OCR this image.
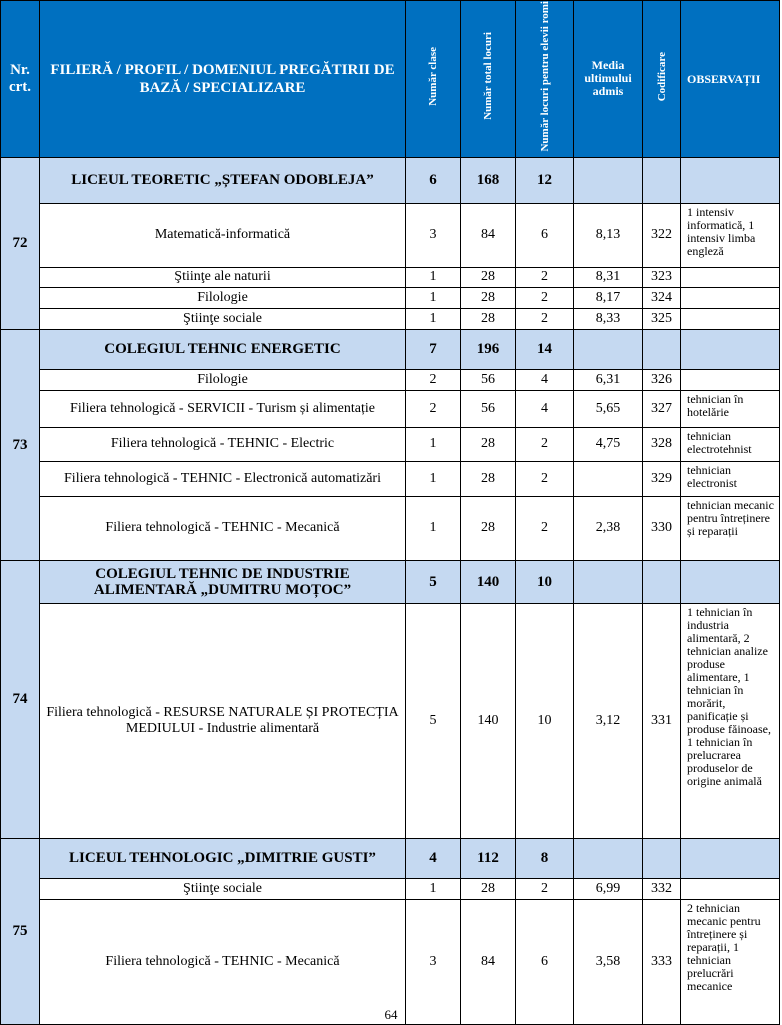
Nr. crt.	FILIERĂ / PROFIL / DOMENIUL PREGĂTIRII DE BAZĂ / SPECIALIZARE	Număr clase	Număr total locuri	Număr locuri pentru elevii romi	Media ultimului admis	Codificare	OBSERVAȚII
72	LICEUL TEORETIC „ȘTEFAN ODOBLEJA”	6	168	12			
	Matematică-informatică	3	84	6	8,13	322	1 intensiv informatică, 1 intensiv limba engleză
	Ştiinţe ale naturii	1	28	2	8,31	323	
	Filologie	1	28	2	8,17	324	
	Ştiinţe sociale	1	28	2	8,33	325	
73	COLEGIUL TEHNIC ENERGETIC	7	196	14			
	Filologie	2	56	4	6,31	326	
	Filiera tehnologică - SERVICII - Turism și alimentație	2	56	4	5,65	327	tehnician în hotelărie
	Filiera tehnologică - TEHNIC - Electric	1	28	2	4,75	328	tehnician electrotehnist
	Filiera tehnologică - TEHNIC - Electronică automatizări	1	28	2		329	tehnician electronist
	Filiera tehnologică - TEHNIC - Mecanică	1	28	2	2,38	330	tehnician mecanic pentru întreținere și reparații
74	COLEGIUL TEHNIC DE INDUSTRIE ALIMENTARĂ „DUMITRU MOȚOC”	5	140	10			
	Filiera tehnologică - RESURSE NATURALE ȘI PROTECȚIA MEDIULUI - Industrie alimentară	5	140	10	3,12	331	1 tehnician în industria alimentară, 2 tehnician analize produse alimentare, 1 tehnician în morărit, panificație și produse făinoase, 1 tehnician în prelucrarea produselor de origine animală
75	LICEUL TEHNOLOGIC „DIMITRIE GUSTI”	4	112	8			
	Ştiinţe sociale	1	28	2	6,99	332	
	Filiera tehnologică - TEHNIC - Mecanică	3	84	6	3,58	333	2 tehnician mecanic pentru întreținere și reparații, 1 tehnician prelucrări mecanice
64
